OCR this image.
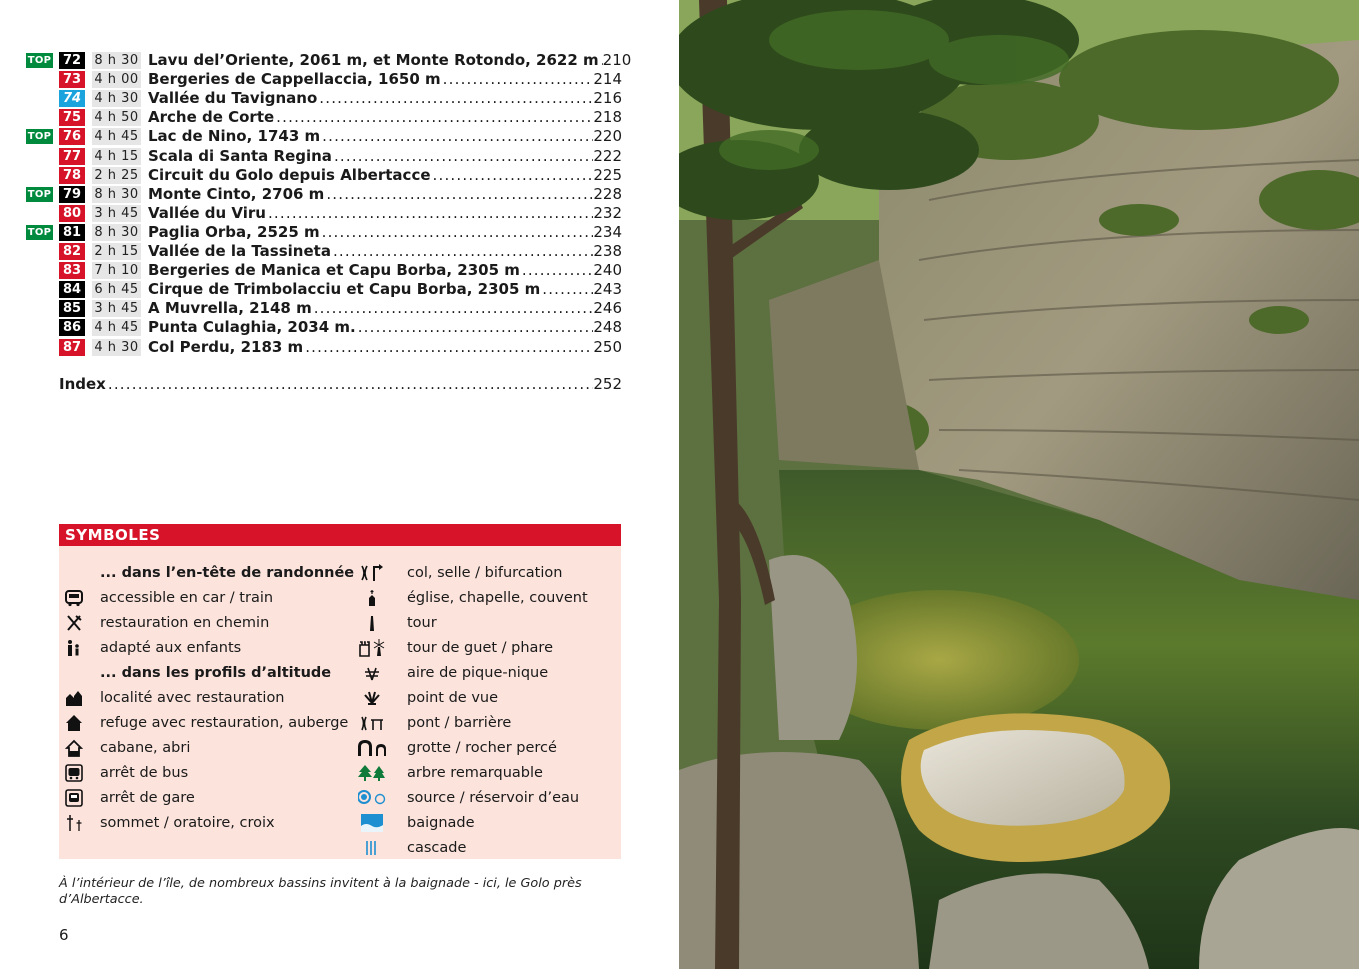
TOP 72	8 h 30 Lavu del’Oriente, 2061 m, et Monte Rotondo, 2622 m ..... 210
73	4 h 00 Bergeries de Cappellaccia, 1650 m .....	214
74	4 h 30 Vallée du Tavignano .....	216
75	4 h 50 Arche de Corte .....	218
TOP 76	4 h 45 Lac de Nino, 1743 m .....	220
77	4 h 15 Scala di Santa Regina .....	222
78	2 h 25 Circuit du Golo depuis Albertacce .....	225
TOP 79	8 h 30 Monte Cinto, 2706 m .....	228
80	3 h 45 Vallée du Viru .....	232
TOP 81	8 h 30 Paglia Orba, 2525 m .....	234
82	2 h 15 Vallée de la Tassineta .....	238
83	7 h 10 Bergeries de Manica et Capu Borba, 2305 m .....	240
84	6 h 45 Cirque de Trimbolacciu et Capu Borba, 2305 m .....	243
85	3 h 45 A Muvrella, 2148 m .....	246
86	4 h 45 Punta Culaghia, 2034 m. .....	248
87	4 h 30 Col Perdu, 2183 m .....	250
Index .....	252
SYMBOLES
... dans l’en-tête de randonnée
accessible en car / train
restauration en chemin
adapté aux enfants
... dans les profils d’altitude
localité avec restauration
refuge avec restauration, auberge
cabane, abri
arrêt de bus
arrêt de gare
sommet / oratoire, croix
col, selle / bifurcation
église, chapelle, couvent
tour
tour de guet / phare
aire de pique-nique
point de vue
pont / barrière
grotte / rocher percé
arbre remarquable
source / réservoir d’eau
baignade
cascade
À l’intérieur de l’île, de nombreux bassins invitent à la baignade - ici, le Golo près d’Albertacce.
6
